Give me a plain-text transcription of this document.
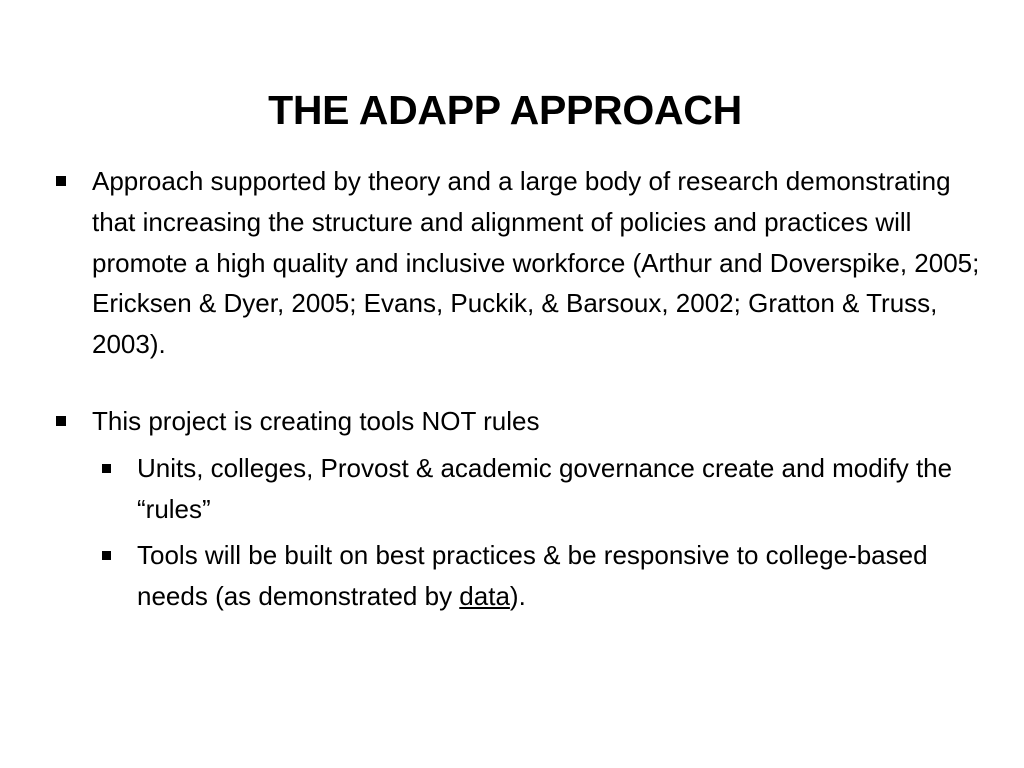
THE ADAPP APPROACH
Approach supported by theory and a large body of research demonstrating that increasing the structure and alignment of policies and practices will promote a high quality and inclusive workforce (Arthur and Doverspike, 2005; Ericksen & Dyer, 2005; Evans, Puckik, & Barsoux, 2002; Gratton & Truss, 2003).
This project is creating tools NOT rules
Units, colleges, Provost & academic governance create and modify the “rules”
Tools will be built on best practices & be responsive to college-based needs (as demonstrated by data).
